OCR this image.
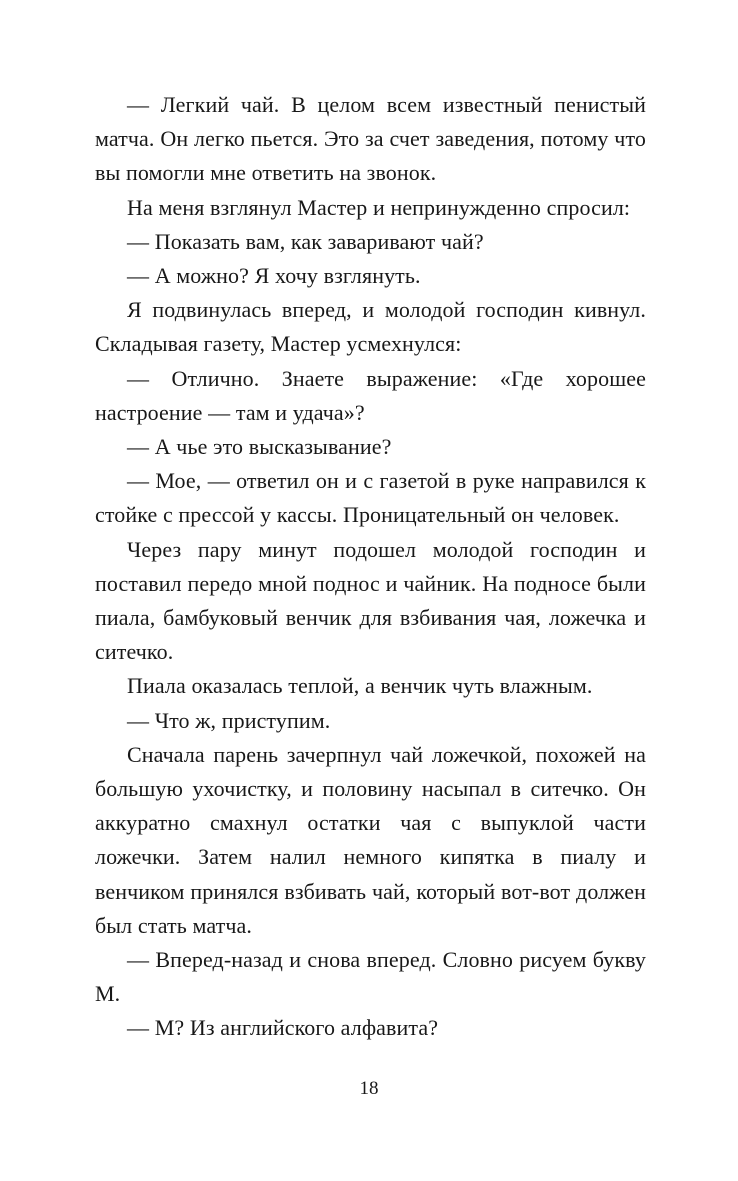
— Легкий чай. В целом всем известный пенистый матча. Он легко пьется. Это за счет заведения, потому что вы помогли мне ответить на звонок.

На меня взглянул Мастер и непринужденно спросил:

— Показать вам, как заваривают чай?

— А можно? Я хочу взглянуть.

Я подвинулась вперед, и молодой господин кивнул. Складывая газету, Мастер усмехнулся:

— Отлично. Знаете выражение: «Где хорошее настроение — там и удача»?

— А чье это высказывание?

— Мое, — ответил он и с газетой в руке направился к стойке с прессой у кассы. Проницательный он человек.

Через пару минут подошел молодой господин и поставил передо мной поднос и чайник. На подносе были пиала, бамбуковый венчик для взбивания чая, ложечка и ситечко.

Пиала оказалась теплой, а венчик чуть влажным.

— Что ж, приступим.

Сначала парень зачерпнул чай ложечкой, похожей на большую ухочистку, и половину насыпал в ситечко. Он аккуратно смахнул остатки чая с выпуклой части ложечки. Затем налил немного кипятка в пиалу и венчиком принялся взбивать чай, который вот-вот должен был стать матча.

— Вперед-назад и снова вперед. Словно рисуем букву М.

— М? Из английского алфавита?

18
